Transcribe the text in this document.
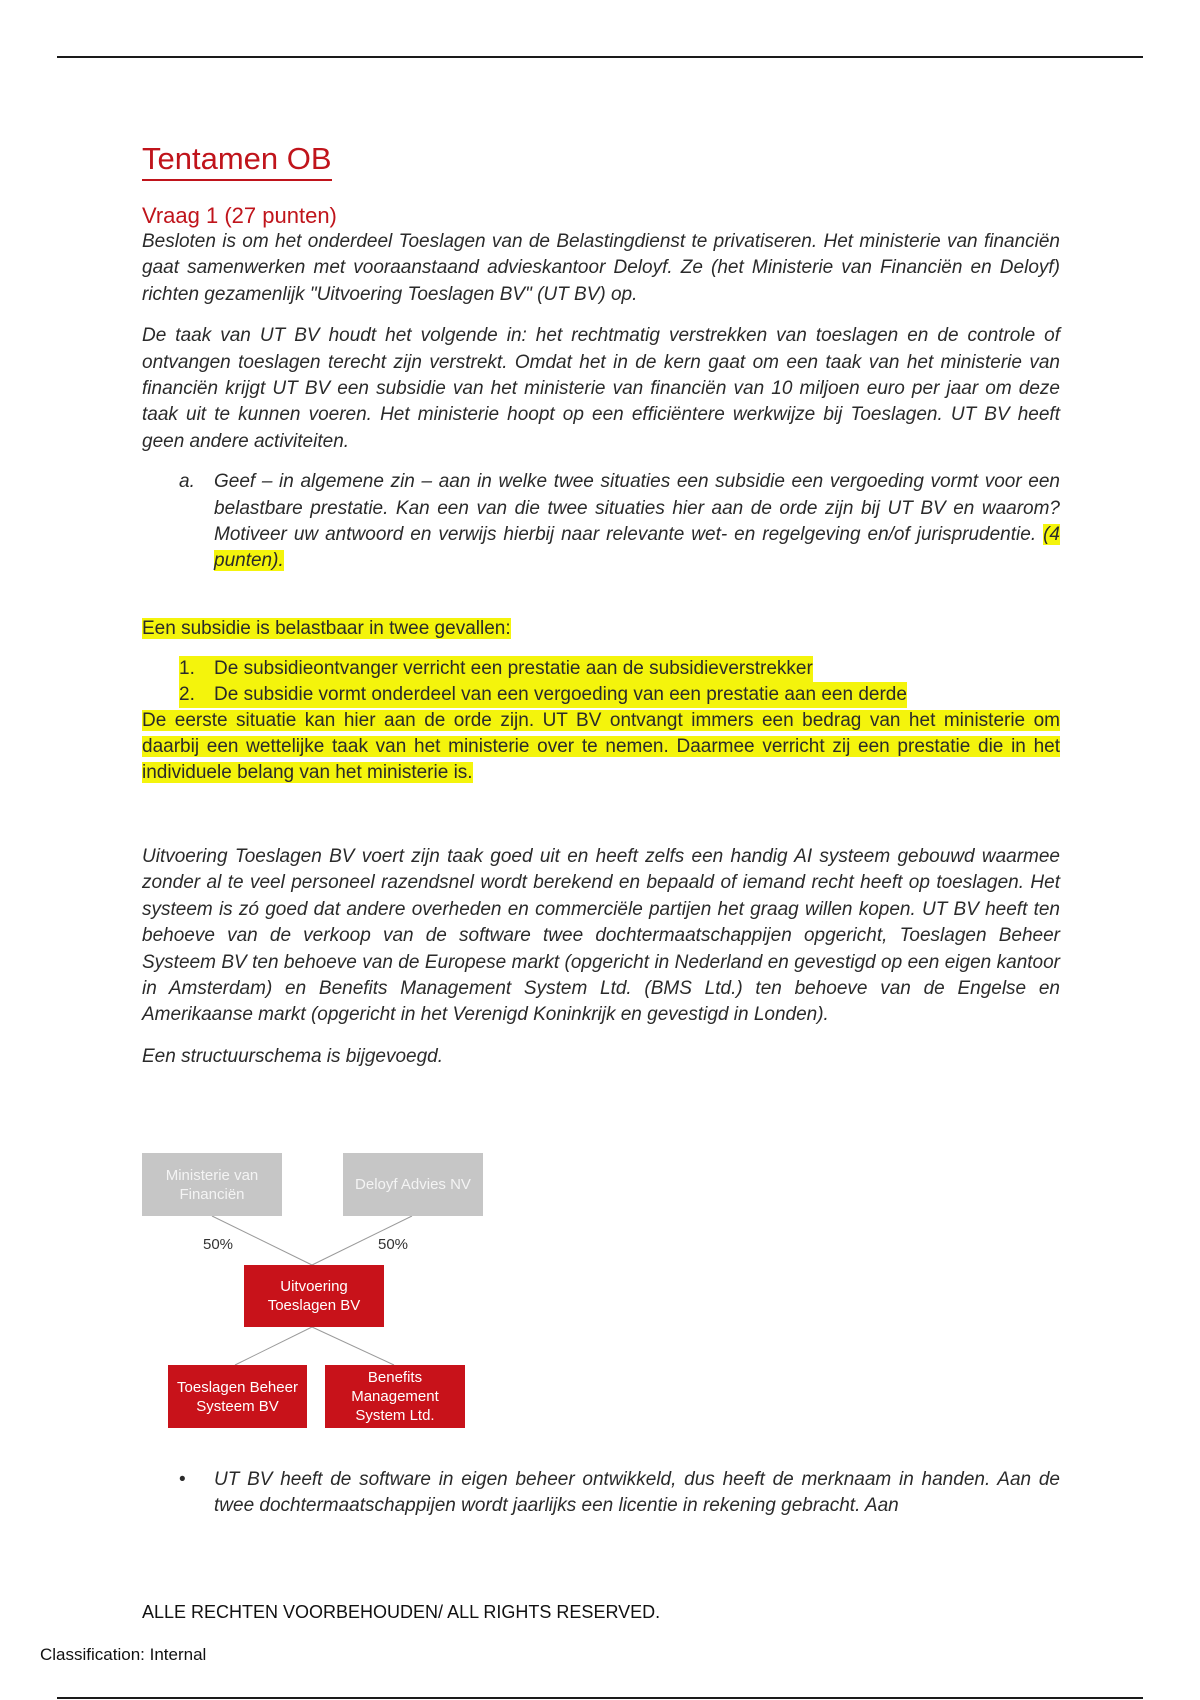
Tentamen OB
Vraag 1 (27 punten)

Besloten is om het onderdeel Toeslagen van de Belastingdienst te privatiseren. Het ministerie van financiën gaat samenwerken met vooraanstaand advieskantoor Deloyf. Ze (het Ministerie van Financiën en Deloyf) richten gezamenlijk "Uitvoering Toeslagen BV" (UT BV) op.

De taak van UT BV houdt het volgende in: het rechtmatig verstrekken van toeslagen en de controle of ontvangen toeslagen terecht zijn verstrekt. Omdat het in de kern gaat om een taak van het ministerie van financiën krijgt UT BV een subsidie van het ministerie van financiën van 10 miljoen euro per jaar om deze taak uit te kunnen voeren. Het ministerie hoopt op een efficiëntere werkwijze bij Toeslagen. UT BV heeft geen andere activiteiten.

a.	Geef – in algemene zin – aan in welke twee situaties een subsidie een vergoeding vormt voor een belastbare prestatie. Kan een van die twee situaties hier aan de orde zijn bij UT BV en waarom? Motiveer uw antwoord en verwijs hierbij naar relevante wet- en regelgeving en/of jurisprudentie. (4 punten).

Een subsidie is belastbaar in twee gevallen:

1.	De subsidieontvanger verricht een prestatie aan de subsidieverstrekker
2.	De subsidie vormt onderdeel van een vergoeding van een prestatie aan een derde

De eerste situatie kan hier aan de orde zijn. UT BV ontvangt immers een bedrag van het ministerie om daarbij een wettelijke taak van het ministerie over te nemen. Daarmee verricht zij een prestatie die in het individuele belang van het ministerie is.

Uitvoering Toeslagen BV voert zijn taak goed uit en heeft zelfs een handig AI systeem gebouwd waarmee zonder al te veel personeel razendsnel wordt berekend en bepaald of iemand recht heeft op toeslagen. Het systeem is zó goed dat andere overheden en commerciële partijen het graag willen kopen. UT BV heeft ten behoeve van de verkoop van de software twee dochtermaatschappijen opgericht, Toeslagen Beheer Systeem BV ten behoeve van de Europese markt (opgericht in Nederland en gevestigd op een eigen kantoor in Amsterdam) en Benefits Management System Ltd. (BMS Ltd.) ten behoeve van de Engelse en Amerikaanse markt (opgericht in het Verenigd Koninkrijk en gevestigd in Londen).

Een structuurschema is bijgevoegd.

Ministerie van Financiën
Deloyf Advies NV
50%	50%
Uitvoering Toeslagen BV
Toeslagen Beheer Systeem BV
Benefits Management System Ltd.
•	UT BV heeft de software in eigen beheer ontwikkeld, dus heeft de merknaam in handen. Aan de twee dochtermaatschappijen wordt jaarlijks een licentie in rekening gebracht. Aan
ALLE RECHTEN VOORBEHOUDEN/ ALL RIGHTS RESERVED.
Classification: Internal
